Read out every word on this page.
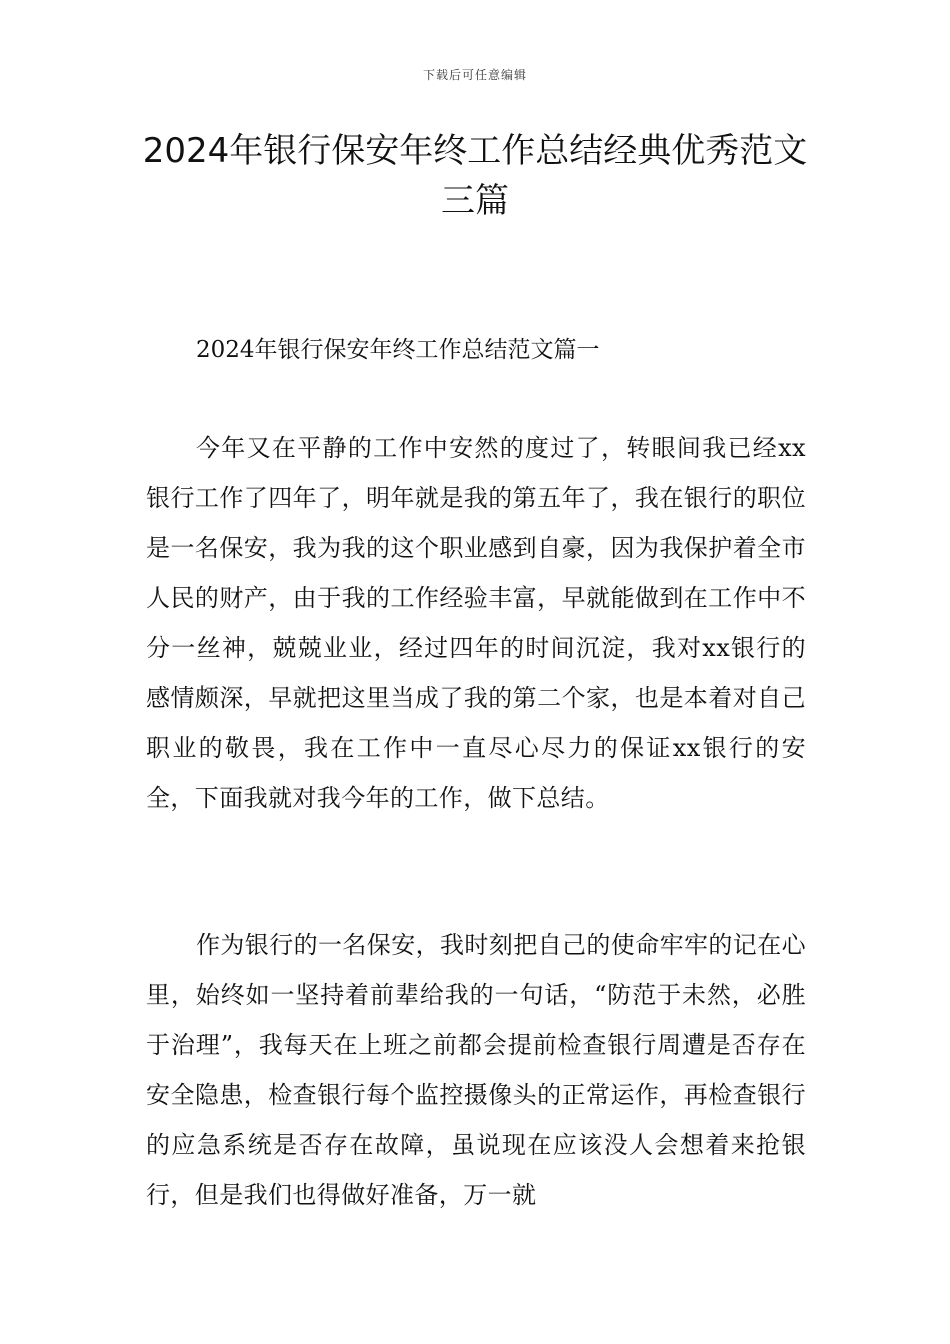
下载后可任意编辑
2024年银行保安年终工作总结经典优秀范文三篇
2024年银行保安年终工作总结范文篇一

今年又在平静的工作中安然的度过了，转眼间我已经xx银行工作了四年了，明年就是我的第五年了，我在银行的职位是一名保安，我为我的这个职业感到自豪，因为我保护着全市人民的财产，由于我的工作经验丰富，早就能做到在工作中不分一丝神，兢兢业业，经过四年的时间沉淀，我对xx银行的感情颇深，早就把这里当成了我的第二个家，也是本着对自己职业的敬畏，我在工作中一直尽心尽力的保证xx银行的安全，下面我就对我今年的工作，做下总结。

作为银行的一名保安，我时刻把自己的使命牢牢的记在心里，始终如一坚持着前辈给我的一句话，“防范于未然，必胜于治理”，我每天在上班之前都会提前检查银行周遭是否存在安全隐患，检查银行每个监控摄像头的正常运作，再检查银行的应急系统是否存在故障，虽说现在应该没人会想着来抢银行，但是我们也得做好准备，万一就
